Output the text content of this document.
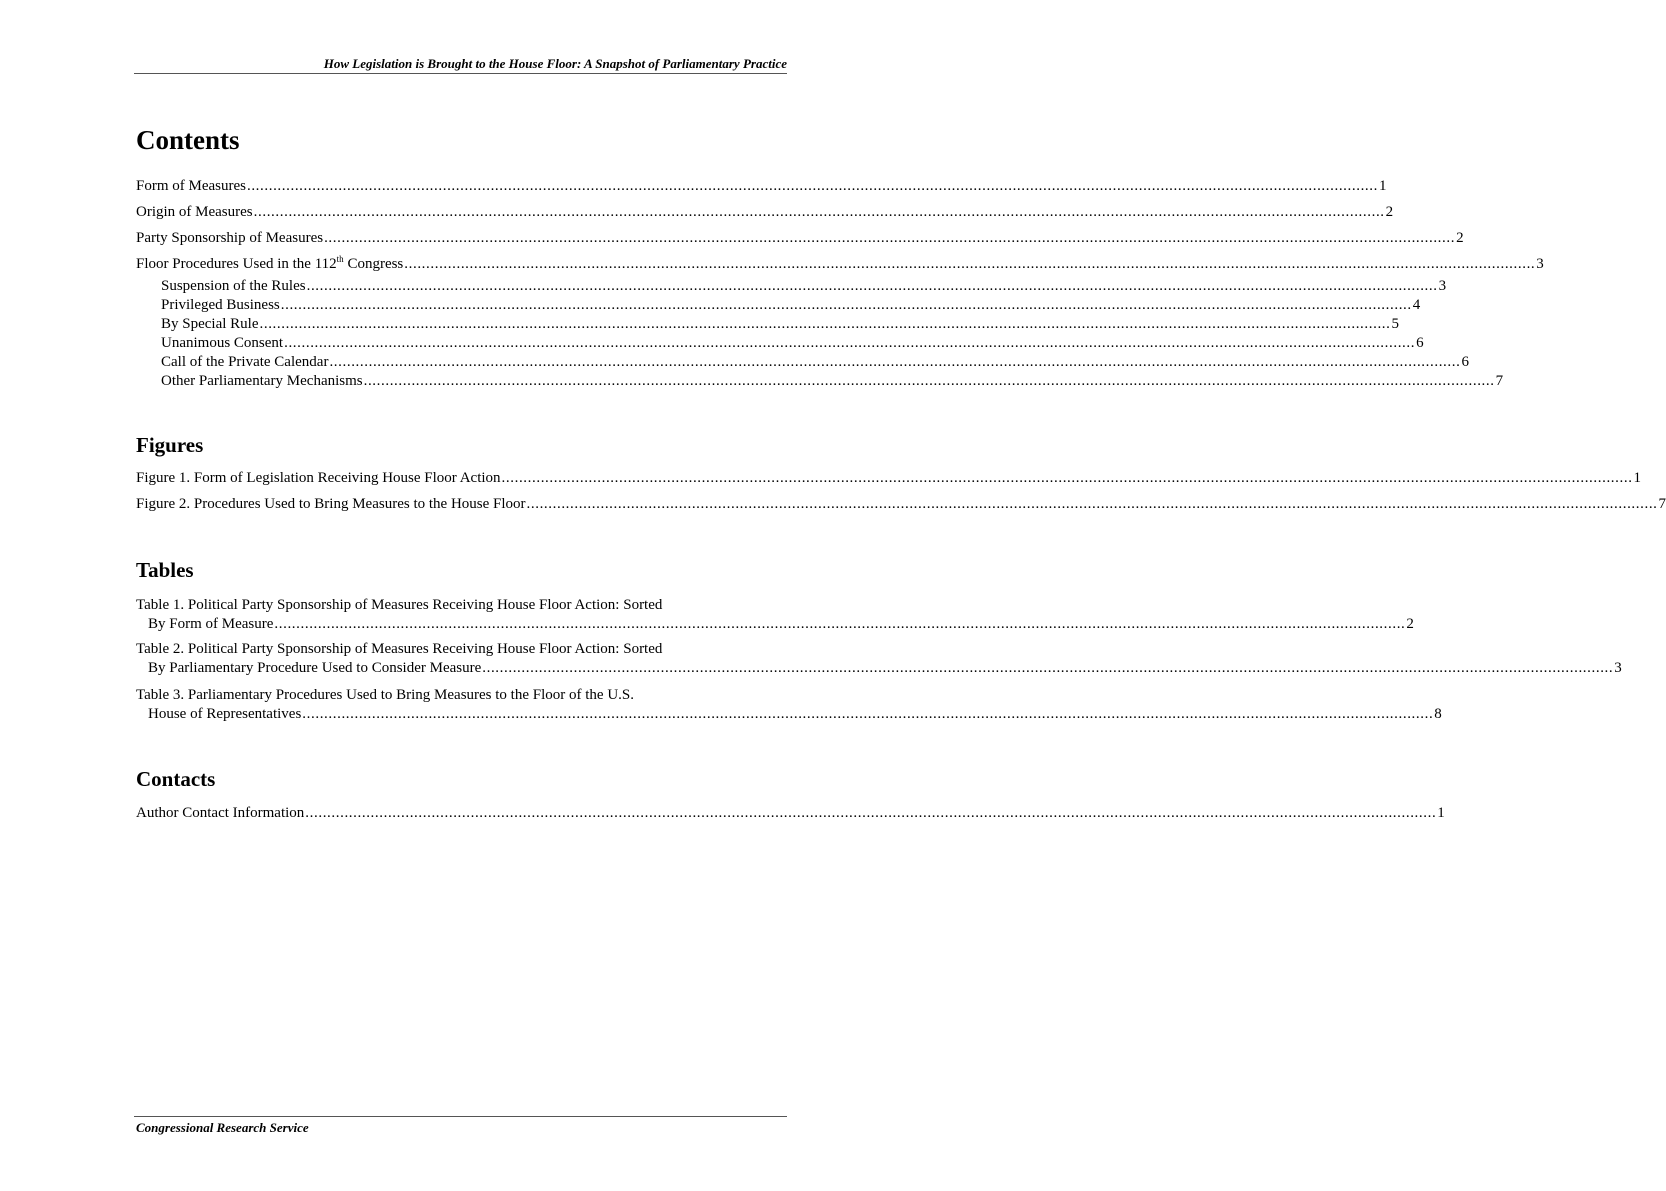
How Legislation is Brought to the House Floor: A Snapshot of Parliamentary Practice
Contents
Form of Measures .................................................................................................................................................................................................................................................................... 1
Origin of Measures .................................................................................................................................................................................................................................................................... 2
Party Sponsorship of Measures .................................................................................................................................................................................................................................................................... 2
Floor Procedures Used in the 112th Congress .................................................................................................................................................................................................................................................................... 3
Suspension of the Rules .................................................................................................................................................................................................................................................................... 3
Privileged Business .................................................................................................................................................................................................................................................................... 4
By Special Rule .................................................................................................................................................................................................................................................................... 5
Unanimous Consent .................................................................................................................................................................................................................................................................... 6
Call of the Private Calendar .................................................................................................................................................................................................................................................................... 6
Other Parliamentary Mechanisms .................................................................................................................................................................................................................................................................... 7
Figures
Figure 1. Form of Legislation Receiving House Floor Action .................................................................................................................................................................................................................................................................... 1
Figure 2. Procedures Used to Bring Measures to the House Floor .................................................................................................................................................................................................................................................................... 7
Tables
Table 1. Political Party Sponsorship of Measures Receiving House Floor Action: Sorted
By Form of Measure .................................................................................................................................................................................................................................................................... 2
Table 2. Political Party Sponsorship of Measures Receiving House Floor Action: Sorted
By Parliamentary Procedure Used to Consider Measure .................................................................................................................................................................................................................................................................... 3
Table 3. Parliamentary Procedures Used to Bring Measures to the Floor of the U.S.
House of Representatives .................................................................................................................................................................................................................................................................... 8
Contacts
Author Contact Information .................................................................................................................................................................................................................................................................... 1
Congressional Research Service
